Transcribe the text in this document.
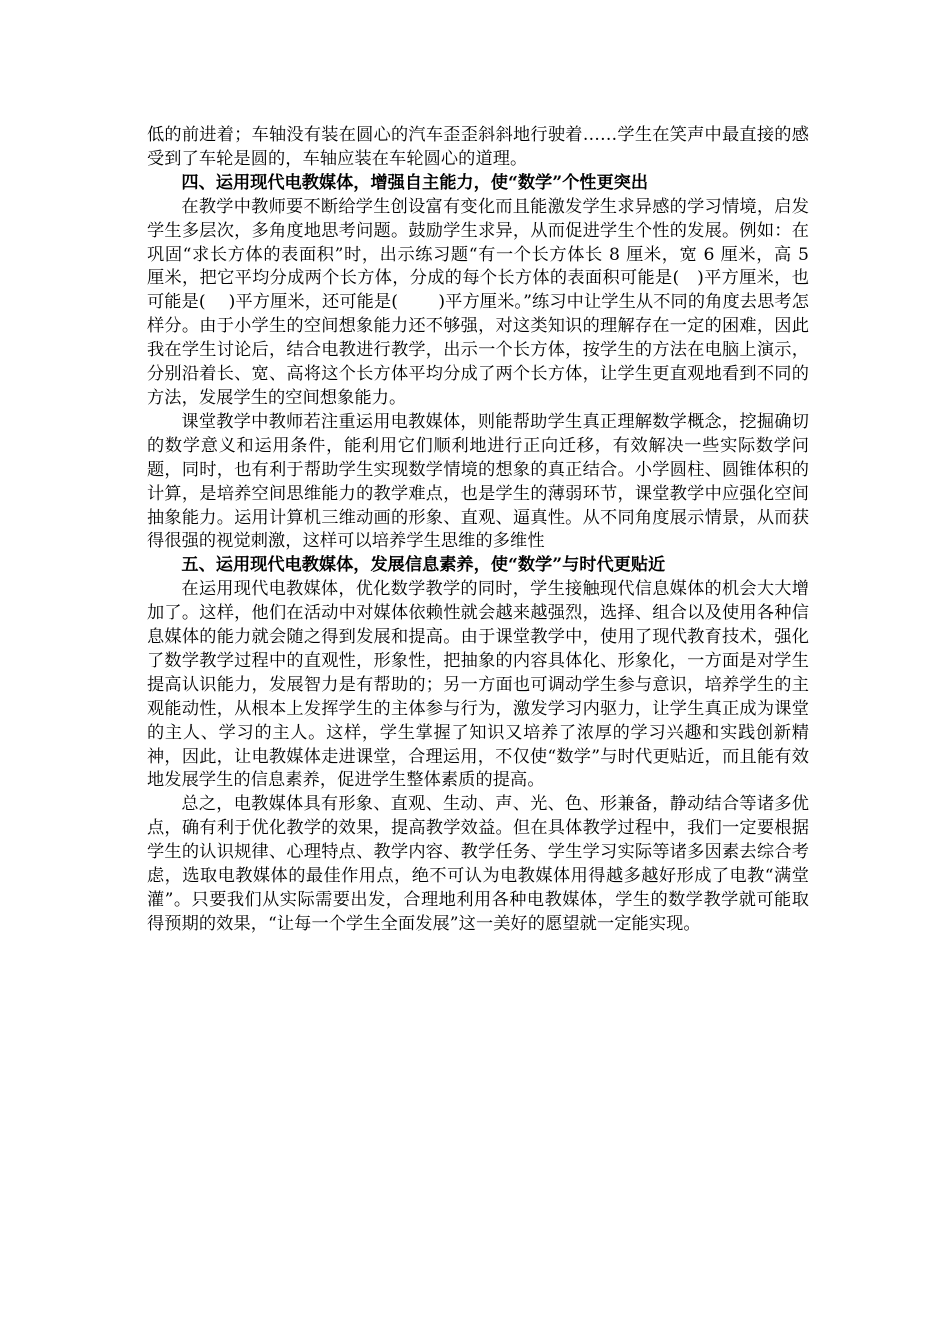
低的前进着；车轴没有装在圆心的汽车歪歪斜斜地行驶着……学生在笑声中最直接的感受到了车轮是圆的，车轴应装在车轮圆心的道理。

四、运用现代电教媒体，增强自主能力，使“数学”个性更突出

在教学中教师要不断给学生创设富有变化而且能激发学生求异感的学习情境，启发学生多层次，多角度地思考问题。鼓励学生求异，从而促进学生个性的发展。例如：在巩固“求长方体的表面积”时，出示练习题“有一个长方体长 8 厘米，宽 6 厘米，高 5 厘米，把它平均分成两个长方体，分成的每个长方体的表面积可能是(　)平方厘米，也可能是(　 )平方厘米，还可能是(　　 )平方厘米。”练习中让学生从不同的角度去思考怎样分。由于小学生的空间想象能力还不够强，对这类知识的理解存在一定的困难，因此我在学生讨论后，结合电教进行教学，出示一个长方体，按学生的方法在电脑上演示，分别沿着长、宽、高将这个长方体平均分成了两个长方体，让学生更直观地看到不同的方法，发展学生的空间想象能力。

课堂教学中教师若注重运用电教媒体，则能帮助学生真正理解数学概念，挖掘确切的数学意义和运用条件，能利用它们顺利地进行正向迁移，有效解决一些实际数学问题，同时，也有利于帮助学生实现数学情境的想象的真正结合。小学圆柱、圆锥体积的计算，是培养空间思维能力的教学难点，也是学生的薄弱环节，课堂教学中应强化空间抽象能力。运用计算机三维动画的形象、直观、逼真性。从不同角度展示情景，从而获得很强的视觉刺激，这样可以培养学生思维的多维性

五、运用现代电教媒体，发展信息素养，使“数学”与时代更贴近

在运用现代电教媒体，优化数学教学的同时，学生接触现代信息媒体的机会大大增加了。这样，他们在活动中对媒体依赖性就会越来越强烈，选择、组合以及使用各种信息媒体的能力就会随之得到发展和提高。由于课堂教学中，使用了现代教育技术，强化了数学教学过程中的直观性，形象性，把抽象的内容具体化、形象化，一方面是对学生提高认识能力，发展智力是有帮助的；另一方面也可调动学生参与意识，培养学生的主观能动性，从根本上发挥学生的主体参与行为，激发学习内驱力，让学生真正成为课堂的主人、学习的主人。这样，学生掌握了知识又培养了浓厚的学习兴趣和实践创新精神，因此，让电教媒体走进课堂，合理运用，不仅使“数学”与时代更贴近，而且能有效地发展学生的信息素养，促进学生整体素质的提高。

总之，电教媒体具有形象、直观、生动、声、光、色、形兼备，静动结合等诸多优点，确有利于优化教学的效果，提高教学效益。但在具体教学过程中，我们一定要根据学生的认识规律、心理特点、教学内容、教学任务、学生学习实际等诸多因素去综合考虑，选取电教媒体的最佳作用点，绝不可认为电教媒体用得越多越好形成了电教“满堂灌”。只要我们从实际需要出发，合理地利用各种电教媒体，学生的数学教学就可能取得预期的效果，“让每一个学生全面发展”这一美好的愿望就一定能实现。
